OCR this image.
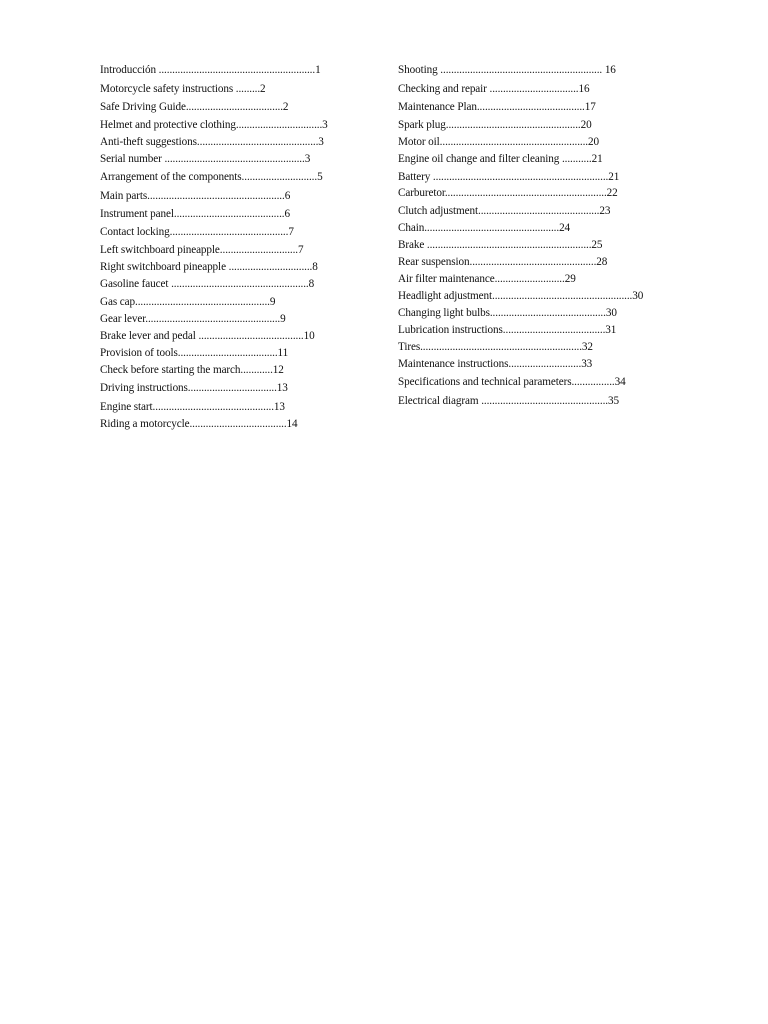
Introducción ..........................................................1
Motorcycle safety instructions .........2
Safe Driving Guide....................................2
Helmet and protective clothing................................3
Anti-theft suggestions.............................................3
Serial number ....................................................3
Arrangement of the components............................5
Main parts...................................................6
Instrument panel.........................................6
Contact locking............................................7
Left switchboard pineapple.............................7
Right switchboard pineapple ...............................8
Gasoline faucet ...................................................8
Gas cap..................................................9
Gear lever..................................................9
Brake lever and pedal .......................................10
Provision of tools.....................................11
Check before starting the march............12
Driving instructions.................................13
Engine start.............................................13
Riding a motorcycle....................................14
Shooting ............................................................ 16
Checking and repair .................................16
Maintenance Plan........................................17
Spark plug..................................................20
Motor oil.......................................................20
Engine oil change and filter cleaning ...........21
Battery .................................................................21
Carburetor............................................................22
Clutch adjustment.............................................23
Chain..................................................24
Brake .............................................................25
Rear suspension...............................................28
Air filter maintenance..........................29
Headlight adjustment....................................................30
Changing light bulbs...........................................30
Lubrication instructions......................................31
Tires............................................................32
Maintenance instructions...........................33
Specifications and technical parameters................34
Electrical diagram ...............................................35
